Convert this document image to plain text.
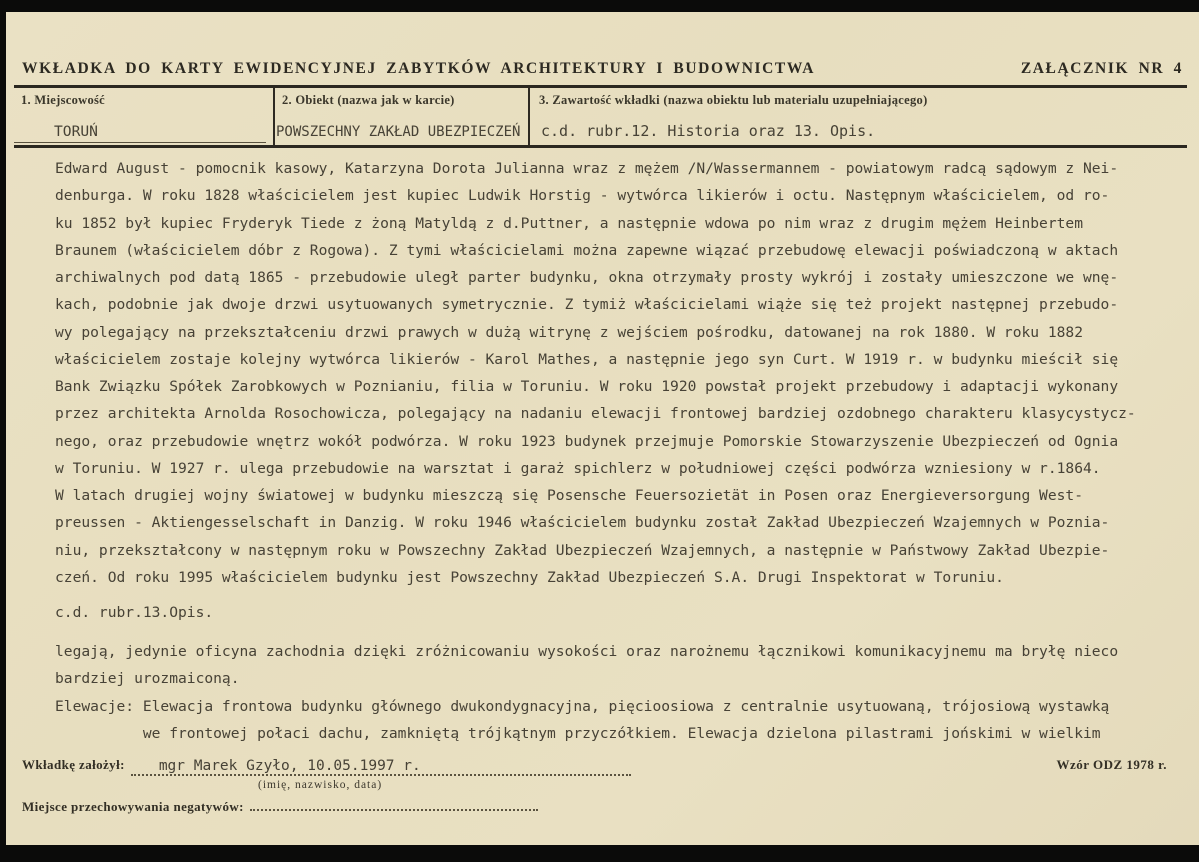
WKŁADKA DO KARTY EWIDENCYJNEJ ZABYTKÓW ARCHITEKTURY I BUDOWNICTWA	ZAŁĄCZNIK NR 4
1. Miejscowość
TORUŃ
2. Obiekt (nazwa jak w karcie)
POWSZECHNY ZAKŁAD UBEZPIECZEŃ
3. Zawartość wkładki (nazwa obiektu lub materialu uzupełniającego)
c.d. rubr.12. Historia oraz 13. Opis.
Edward August - pomocnik kasowy, Katarzyna Dorota Julianna wraz z mężem /N/Wassermannem - powiatowym radcą sądowym z Nei-
denburga. W roku 1828 właścicielem jest kupiec Ludwik Horstig - wytwórca likierów i octu. Następnym właścicielem, od ro-
ku 1852 był kupiec Fryderyk Tiede z żoną Matyldą z d.Puttner, a następnie wdowa po nim wraz z drugim mężem Heinbertem
Braunem (właścicielem dóbr z Rogowa). Z tymi właścicielami można zapewne wiązać przebudowę elewacji poświadczoną w aktach
archiwalnych pod datą 1865 - przebudowie uległ parter budynku, okna otrzymały prosty wykrój i zostały umieszczone we wnę-
kach, podobnie jak dwoje drzwi usytuowanych symetrycznie. Z tymiż właścicielami wiąże się też projekt następnej przebudo-
wy polegający na przekształceniu drzwi prawych w dużą witrynę z wejściem pośrodku, datowanej na rok 1880. W roku 1882
właścicielem zostaje kolejny wytwórca likierów - Karol Mathes, a następnie jego syn Curt. W 1919 r. w budynku mieścił się
Bank Związku Spółek Zarobkowych w Poznianiu, filia w Toruniu. W roku 1920 powstał projekt przebudowy i adaptacji wykonany
przez architekta Arnolda Rosochowicza, polegający na nadaniu elewacji frontowej bardziej ozdobnego charakteru klasycystycz-
nego, oraz przebudowie wnętrz wokół podwórza. W roku 1923 budynek przejmuje Pomorskie Stowarzyszenie Ubezpieczeń od Ognia
w Toruniu. W 1927 r. ulega przebudowie na warsztat i garaż spichlerz w południowej części podwórza wzniesiony w r.1864.
W latach drugiej wojny światowej w budynku mieszczą się Posensche Feuersozietät in Posen oraz Energieversorgung West-
preussen - Aktiengesselschaft in Danzig. W roku 1946 właścicielem budynku został Zakład Ubezpieczeń Wzajemnych w Poznia-
niu, przekształcony w następnym roku w Powszechny Zakład Ubezpieczeń Wzajemnych, a następnie w Państwowy Zakład Ubezpie-
czeń. Od roku 1995 właścicielem budynku jest Powszechny Zakład Ubezpieczeń S.A. Drugi Inspektorat w Toruniu.
c.d. rubr.13.Opis.
legają, jedynie oficyna zachodnia dzięki zróżnicowaniu wysokości oraz narożnemu łącznikowi komunikacyjnemu ma bryłę nieco
bardziej urozmaiconą.
Elewacje: Elewacja frontowa budynku głównego dwukondygnacyjna, pięcioosiowa z centralnie usytuowaną, trójosiową wystawką
we frontowej połaci dachu, zamkniętą trójkątnym przyczółkiem. Elewacja dzielona pilastrami jońskimi w wielkim
Wkładkę założył:	mgr Marek Gzyło, 10.05.1997 r.
(imię, nazwisko, data)
Wzór ODZ 1978 r.
Miejsce przechowywania negatywów:
